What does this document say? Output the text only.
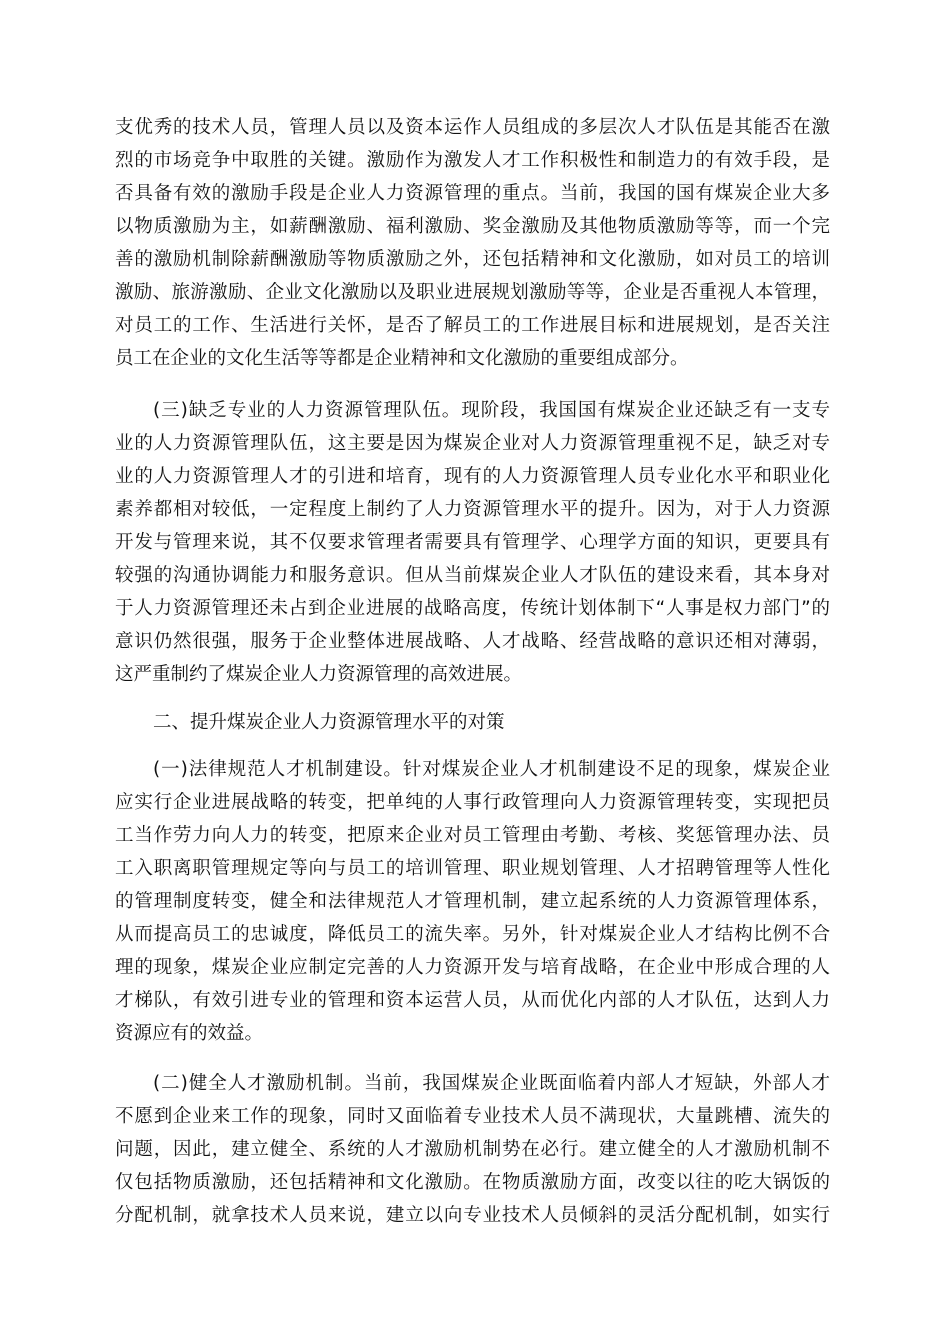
支优秀的技术人员，管理人员以及资本运作人员组成的多层次人才队伍是其能否在激
烈的市场竞争中取胜的关键。激励作为激发人才工作积极性和制造力的有效手段，是
否具备有效的激励手段是企业人力资源管理的重点。当前，我国的国有煤炭企业大多
以物质激励为主，如薪酬激励、福利激励、奖金激励及其他物质激励等等，而一个完
善的激励机制除薪酬激励等物质激励之外，还包括精神和文化激励，如对员工的培训
激励、旅游激励、企业文化激励以及职业进展规划激励等等，企业是否重视人本管理，
对员工的工作、生活进行关怀，是否了解员工的工作进展目标和进展规划，是否关注
员工在企业的文化生活等等都是企业精神和文化激励的重要组成部分。
(三)缺乏专业的人力资源管理队伍。现阶段，我国国有煤炭企业还缺乏有一支专
业的人力资源管理队伍，这主要是因为煤炭企业对人力资源管理重视不足，缺乏对专
业的人力资源管理人才的引进和培育，现有的人力资源管理人员专业化水平和职业化
素养都相对较低，一定程度上制约了人力资源管理水平的提升。因为，对于人力资源
开发与管理来说，其不仅要求管理者需要具有管理学、心理学方面的知识，更要具有
较强的沟通协调能力和服务意识。但从当前煤炭企业人才队伍的建设来看，其本身对
于人力资源管理还未占到企业进展的战略高度，传统计划体制下“人事是权力部门”的
意识仍然很强，服务于企业整体进展战略、人才战略、经营战略的意识还相对薄弱，
这严重制约了煤炭企业人力资源管理的高效进展。
二、提升煤炭企业人力资源管理水平的对策
(一)法律规范人才机制建设。针对煤炭企业人才机制建设不足的现象，煤炭企业
应实行企业进展战略的转变，把单纯的人事行政管理向人力资源管理转变，实现把员
工当作劳力向人力的转变，把原来企业对员工管理由考勤、考核、奖惩管理办法、员
工入职离职管理规定等向与员工的培训管理、职业规划管理、人才招聘管理等人性化
的管理制度转变，健全和法律规范人才管理机制，建立起系统的人力资源管理体系，
从而提高员工的忠诚度，降低员工的流失率。另外，针对煤炭企业人才结构比例不合
理的现象，煤炭企业应制定完善的人力资源开发与培育战略，在企业中形成合理的人
才梯队，有效引进专业的管理和资本运营人员，从而优化内部的人才队伍，达到人力
资源应有的效益。
(二)健全人才激励机制。当前，我国煤炭企业既面临着内部人才短缺，外部人才
不愿到企业来工作的现象，同时又面临着专业技术人员不满现状，大量跳槽、流失的
问题，因此，建立健全、系统的人才激励机制势在必行。建立健全的人才激励机制不
仅包括物质激励，还包括精神和文化激励。在物质激励方面，改变以往的吃大锅饭的
分配机制，就拿技术人员来说，建立以向专业技术人员倾斜的灵活分配机制，如实行
